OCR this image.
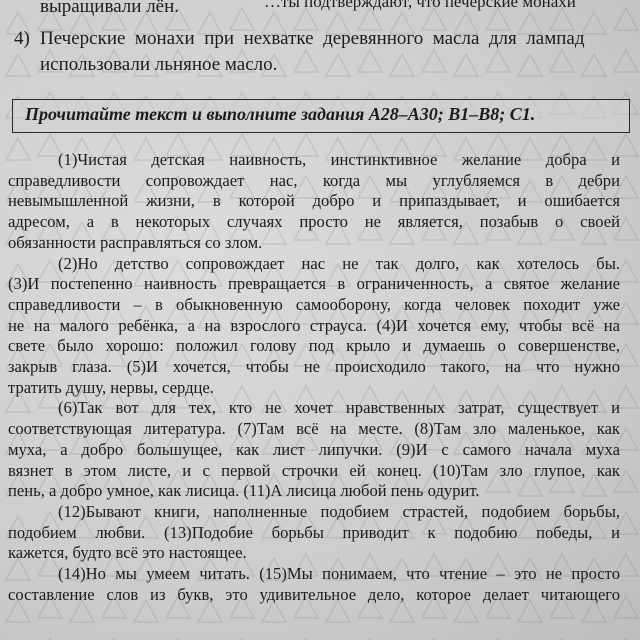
выращивали лён.	…ты подтверждают, что печерские монахи
4) Печерские  монахи  при  нехватке  деревянного  масла  для  лампад
использовали льняное масло.
Прочитайте текст и выполните задания А28–А30; В1–В8; С1.
(1)Чистая детская наивность, инстинктивное желание добра и
справедливости сопровождает нас, когда мы углубляемся в дебри
невымышленной жизни, в которой добро и припаздывает, и ошибается
адресом, а в некоторых случаях просто не является, позабыв о своей
обязанности расправляться со злом.
(2)Но детство сопровождает нас не так долго, как хотелось бы.
(3)И постепенно наивность превращается в ограниченность, а святое желание
справедливости – в обыкновенную самооборону, когда человек походит уже
не на малого ребёнка, а на взрослого страуса. (4)И хочется ему, чтобы всё на
свете было хорошо: положил голову под крыло и думаешь о совершенстве,
закрыв глаза. (5)И хочется, чтобы не происходило такого, на что нужно
тратить душу, нервы, сердце.
(6)Так вот для тех, кто не хочет нравственных затрат, существует и
соответствующая литература. (7)Там всё на месте. (8)Там зло маленькое, как
муха, а добро большущее, как лист липучки. (9)И с самого начала муха
вязнет в этом листе, и с первой строчки ей конец. (10)Там зло глупое, как
пень, а добро умное, как лисица. (11)А лисица любой пень одурит.
(12)Бывают книги, наполненные подобием страстей, подобием борьбы,
подобием любви. (13)Подобие борьбы приводит к подобию победы, и
кажется, будто всё это настоящее.
(14)Но мы умеем читать. (15)Мы понимаем, что чтение – это не просто
составление слов из букв, это удивительное дело, которое делает читающего
